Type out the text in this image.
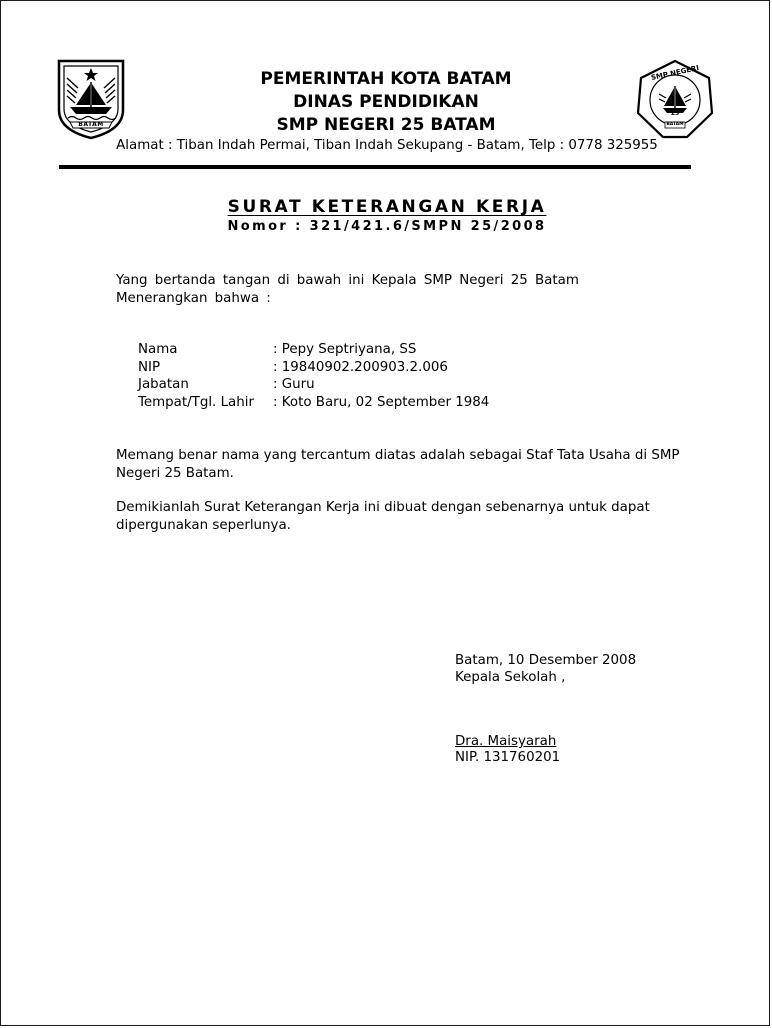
BATAM
PEMERINTAH KOTA BATAM
DINAS PENDIDIKAN
SMP NEGERI 25 BATAM
SMP NEGERI
25
BATAM
Alamat : Tiban Indah Permai, Tiban Indah Sekupang - Batam, Telp : 0778 325955
SURAT KETERANGAN KERJA
Nomor : 321/421.6/SMPN 25/2008
Yang bertanda tangan di bawah ini Kepala SMP Negeri 25 Batam
Menerangkan bahwa :
Nama	: Pepy Septriyana, SS
NIP	: 19840902.200903.2.006
Jabatan	: Guru
Tempat/Tgl. Lahir : Koto Baru, 02 September 1984
Memang benar nama yang tercantum diatas adalah sebagai Staf Tata Usaha di SMP
Negeri 25 Batam.
Demikianlah Surat Keterangan Kerja ini dibuat dengan sebenarnya untuk dapat
dipergunakan seperlunya.
Batam, 10 Desember 2008
Kepala Sekolah ,
Dra. Maisyarah
NIP. 131760201
